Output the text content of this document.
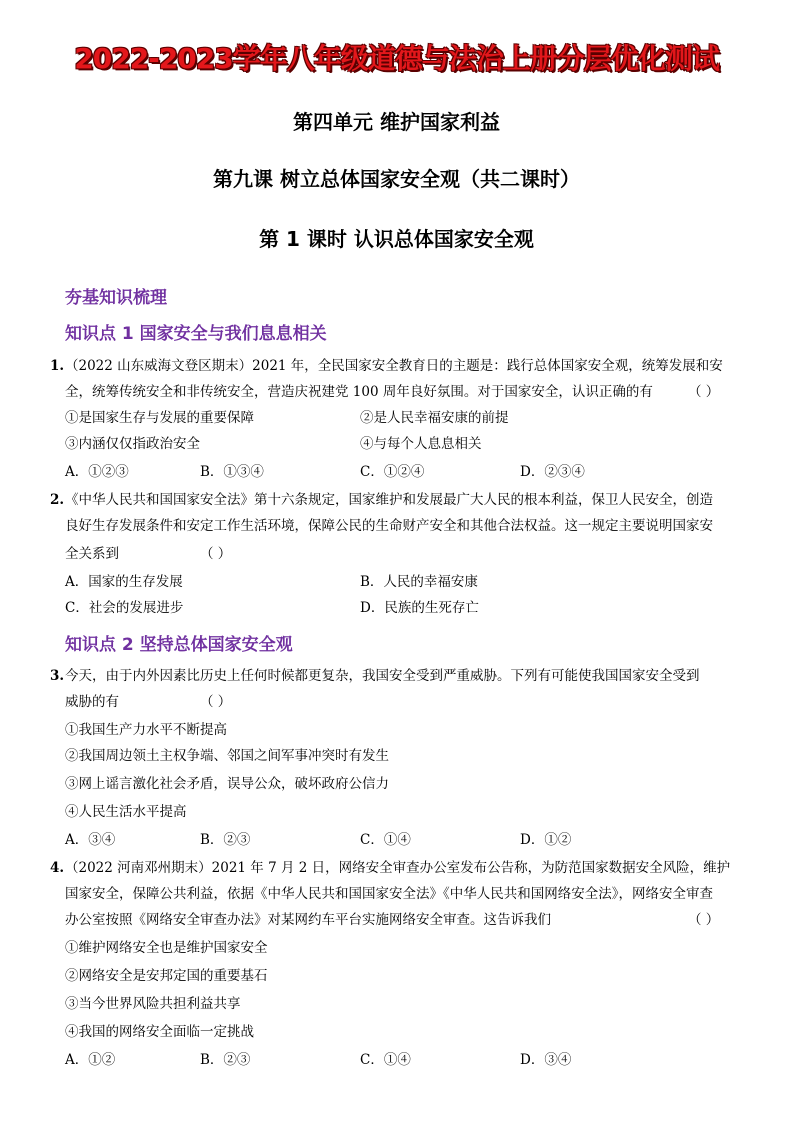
2022-2023学年八年级道德与法治上册分层优化测试
第四单元 维护国家利益
第九课 树立总体国家安全观（共二课时）
第 1 课时 认识总体国家安全观
夯基知识梳理
知识点 1 国家安全与我们息息相关
1. （2022 山东威海文登区期末）2021 年，全民国家安全教育日的主题是：践行总体国家安全观，统筹发展和安
全，统筹传统安全和非传统安全，营造庆祝建党 100 周年良好氛围。对于国家安全，认识正确的有	（ ）
①是国家生存与发展的重要保障	②是人民幸福安康的前提
③内涵仅仅指政治安全	④与每个人息息相关
A．①②③	B．①③④	C．①②④	D．②③④
2. 《中华人民共和国国家安全法》第十六条规定，国家维护和发展最广大人民的根本利益，保卫人民安全，创造
良好生存发展条件和安定工作生活环境，保障公民的生命财产安全和其他合法权益。这一规定主要说明国家安
全关系到	（ ）
A．国家的生存发展	B．人民的幸福安康
C．社会的发展进步	D．民族的生死存亡
知识点 2 坚持总体国家安全观
3. 今天，由于内外因素比历史上任何时候都更复杂，我国安全受到严重威胁。下列有可能使我国国家安全受到
威胁的有	（ ）
①我国生产力水平不断提高
②我国周边领土主权争端、邻国之间军事冲突时有发生
③网上谣言激化社会矛盾，误导公众，破坏政府公信力
④人民生活水平提高
A．③④	B．②③	C．①④	D．①②
4. （2022 河南邓州期末）2021 年 7 月 2 日，网络安全审查办公室发布公告称，为防范国家数据安全风险，维护
国家安全，保障公共利益，依据《中华人民共和国国家安全法》《中华人民共和国网络安全法》，网络安全审查
办公室按照《网络安全审查办法》对某网约车平台实施网络安全审查。这告诉我们	（ ）
①维护网络安全也是维护国家安全
②网络安全是安邦定国的重要基石
③当今世界风险共担利益共享
④我国的网络安全面临一定挑战
A．①②	B．②③	C．①④	D．③④
